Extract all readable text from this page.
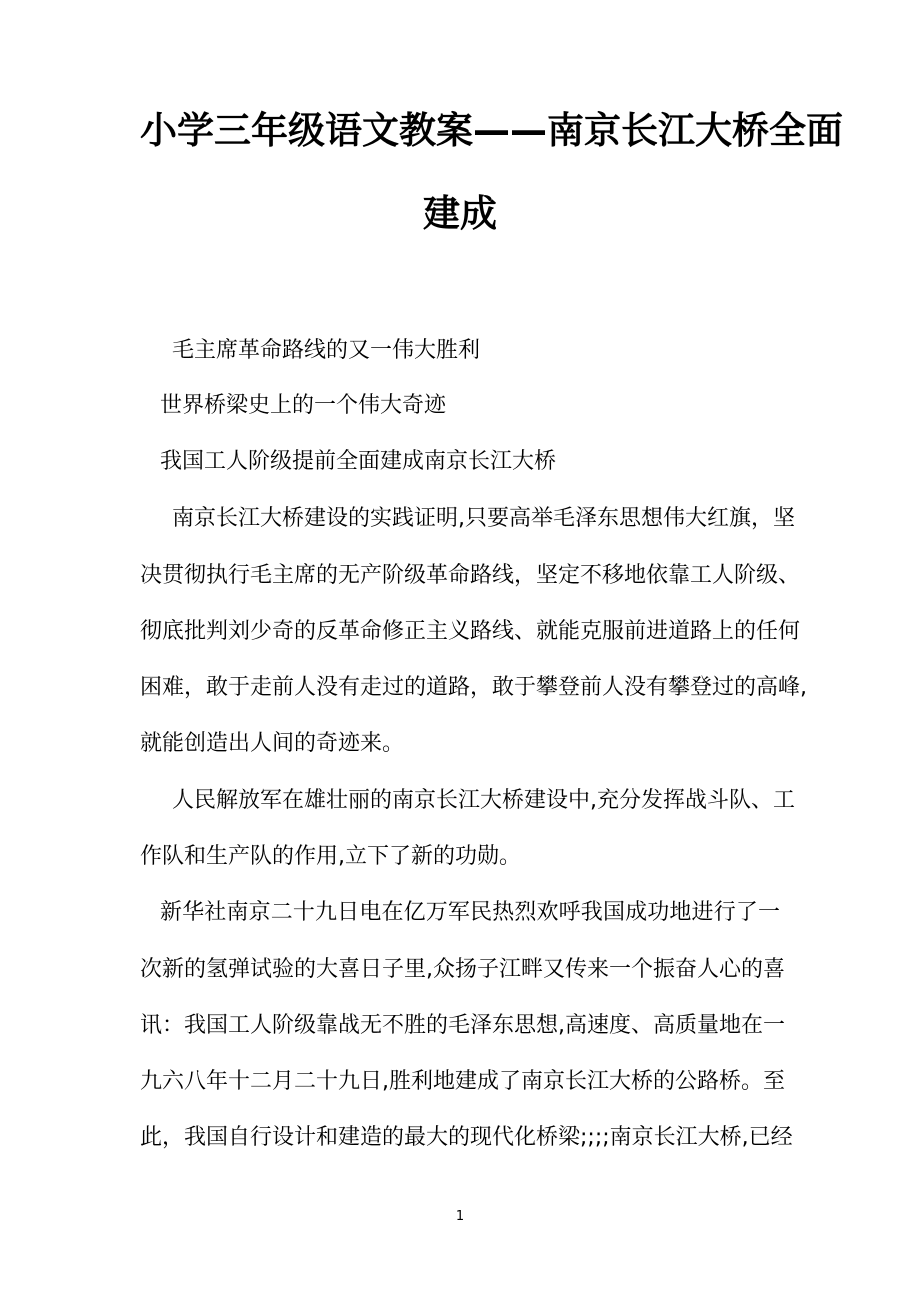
小学三年级语文教案——南京长江大桥全面
建成
毛主席革命路线的又一伟大胜利
世界桥梁史上的一个伟大奇迹
我国工人阶级提前全面建成南京长江大桥
南京长江大桥建设的实践证明,只要高举毛泽东思想伟大红旗，坚
决贯彻执行毛主席的无产阶级革命路线，坚定不移地依靠工人阶级、
彻底批判刘少奇的反革命修正主义路线、就能克服前进道路上的任何
困难，敢于走前人没有走过的道路，敢于攀登前人没有攀登过的高峰,
就能创造出人间的奇迹来。
人民解放军在雄壮丽的南京长江大桥建设中,充分发挥战斗队、工
作队和生产队的作用,立下了新的功勋。
新华社南京二十九日电在亿万军民热烈欢呼我国成功地进行了一
次新的氢弹试验的大喜日子里,众扬子江畔又传来一个振奋人心的喜
讯：我国工人阶级靠战无不胜的毛泽东思想,高速度、高质量地在一
九六八年十二月二十九日,胜利地建成了南京长江大桥的公路桥。至
此，我国自行设计和建造的最大的现代化桥梁;;;;南京长江大桥,已经
1
